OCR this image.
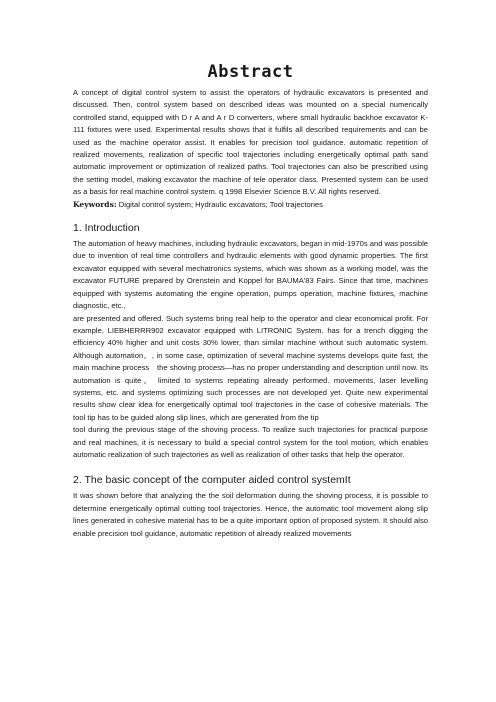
Abstract

A concept of digital control system to assist the operators of hydraulic excavators is presented and discussed. Then, control system based on described ideas was mounted on a special numerically controlled stand, equipped with D r A and A r D converters, where small hydraulic backhoe excavator K-111 fixtures were used. Experimental results shows that it fulfils all described requirements and can be used as the machine operator assist. It enables for precision tool guidance. automatic repetition of realized movements, realization of specific tool trajectories including energetically optimal path sand automatic improvement or optimization of realized paths. Tool trajectories can also be prescribed using the setting model, making excavator the machine of tele operator class. Presented system can be used as a basis for real machine control system. q 1998 Elsevier Science B.V. All rights reserved.

Keywords: Digital control system; Hydraulic excavators; Tool trajectories

1. Introduction

The automation of heavy machines, including hydraulic excavators, began in mid-1970s and was possible due to invention of real time controllers and hydraulic elements with good dynamic properties. The first excavator equipped with several mechatronics systems, which was shown as a working model, was the excavator FUTURE prepared by Orenstein and Koppel for BAUMA'83 Fairs. Since that time, machines equipped with systems automating the engine operation, pumps operation, machine fixtures, machine diagnostic, etc.,

are presented and offered. Such systems bring real help to the operator and clear economical profit. For example, LIEBHERRR902 excavator equipped with LITRONIC System. has for a trench digging the efficiency 40% higher and unit costs 30% lower, than similar machine without such automatic system. Although automation。, in some case, optimization of several machine systems develops quite fast, the main machine process　the shoving process—has no proper understanding and description until now. Its automation is quite。 limited to systems repeating already performed. movements, laser levelling systems, etc. and systems optimizing such processes are not developed yet. Quite new experimental results show clear idea for energetically optimal tool trajectories in the case of cohesive materials. The tool tip has to be guided along slip lines, which are generated from the tip

tool during the previous stage of the shoving process. To realize such trajectories for practical purpose and real machines, it is necessary to build a special control system for the tool motion, which enables automatic realization of such trajectories as well as realization of other tasks that help the operator.

2. The basic concept of the computer aided control systemIt

It was shown before that analyzing the the soil deformation during the shoving process, it is possible to determine energetically optimal cutting tool trajectories. Hence, the automatic tool movement along slip lines generated in cohesive material has to be a quite important option of proposed system. It should also enable precision tool guidance, automatic repetition of already realized movements
